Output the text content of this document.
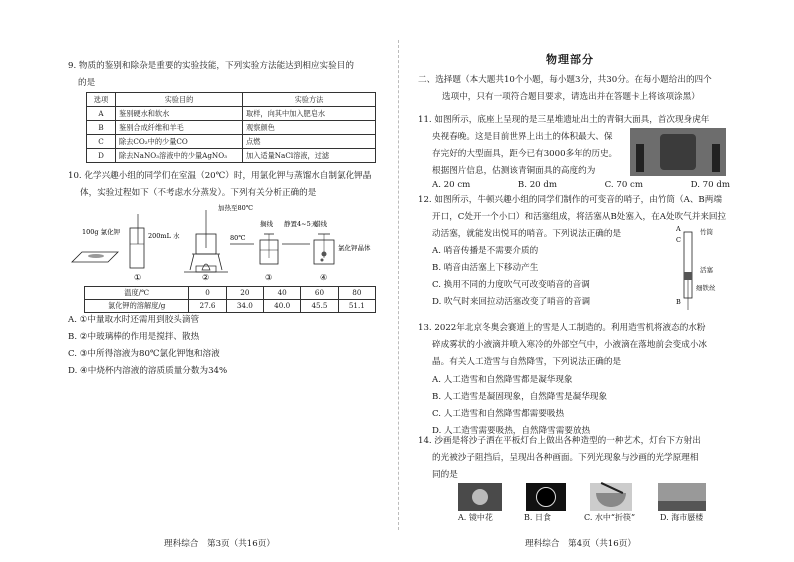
9. 物质的鉴别和除杂是重要的实验技能，下列实验方法能达到相应实验目的

的是

选项	实验目的	实验方法
A	鉴别硬水和软水	取样，向其中加入肥皂水
B	鉴别合成纤维和羊毛	观察颜色
C	除去CO₂中的少量CO	点燃
D	除去NaNO₃溶液中的少量AgNO₃	加入适量NaCl溶液，过滤

10. 化学兴趣小组的同学们在室温（20℃）时，用氯化钾与蒸馏水自制氯化钾晶

体，实验过程如下（不考虑水分蒸发）。下列有关分析正确的是

100g 氯化钾	200mL 水
①
加热至80℃
②
80℃
搁线
③
静置4~5天
蜡线
氯化钾晶体
④
温度/℃	0	20	40	60	80
氯化钾的溶解度/g	27.6	34.0	40.0	45.5	51.1

A. ①中量取水时还需用到胶头滴管

B. ②中玻璃棒的作用是搅拌、散热

C. ③中所得溶液为80℃氯化钾饱和溶液

D. ④中烧杯内溶液的溶质质量分数为34%

理科综合　第3页（共16页）
物理部分

二、选择题（本大题共10个小题，每小题3分，共30分。在每小题给出的四个

选项中，只有一项符合题目要求，请选出并在答题卡上将该项涂黑）

11. 如图所示，底座上呈现的是三星堆遗址出土的青铜大面具，首次现身虎年

央视春晚。这是目前世界上出土的体积最大、保

存完好的大型面具，距今已有3000多年的历史。

根据图片信息，估测该青铜面具的高度约为

A. 20 cm	B. 20 dm	C. 70 cm	D. 70 dm

12. 如图所示，牛顿兴趣小组的同学们制作的可变音的哨子，由竹筒（A、B两端

开口，C处开一个小口）和活塞组成，将活塞从B处塞入，在A处吹气并来回拉

动活塞，就能发出悦耳的哨音。下列说法正确的是

A. 哨音传播是不需要介质的

B. 哨音由活塞上下移动产生

C. 换用不同的力度吹气可改变哨音的音调

D. 吹气时来回拉动活塞改变了哨音的音调

A
C
竹筒
活塞
B
细铁丝

13. 2022年北京冬奥会赛道上的雪是人工制造的。利用造雪机将液态的水粉

碎成雾状的小液滴并喷入寒冷的外部空气中，小液滴在落地前会变成小冰

晶。有关人工造雪与自然降雪，下列说法正确的是

A. 人工造雪和自然降雪都是凝华现象

B. 人工造雪是凝固现象，自然降雪是凝华现象

C. 人工造雪和自然降雪都需要吸热

D. 人工造雪需要吸热，自然降雪需要放热

14. 沙画是将沙子洒在平板灯台上做出各种造型的一种艺术，灯台下方射出

的光被沙子阻挡后，呈现出各种画面。下列光现象与沙画的光学原理相

同的是

A. 镜中花	B. 日食	C. 水中“折筷”	D. 海市蜃楼
理科综合　第4页（共16页）
